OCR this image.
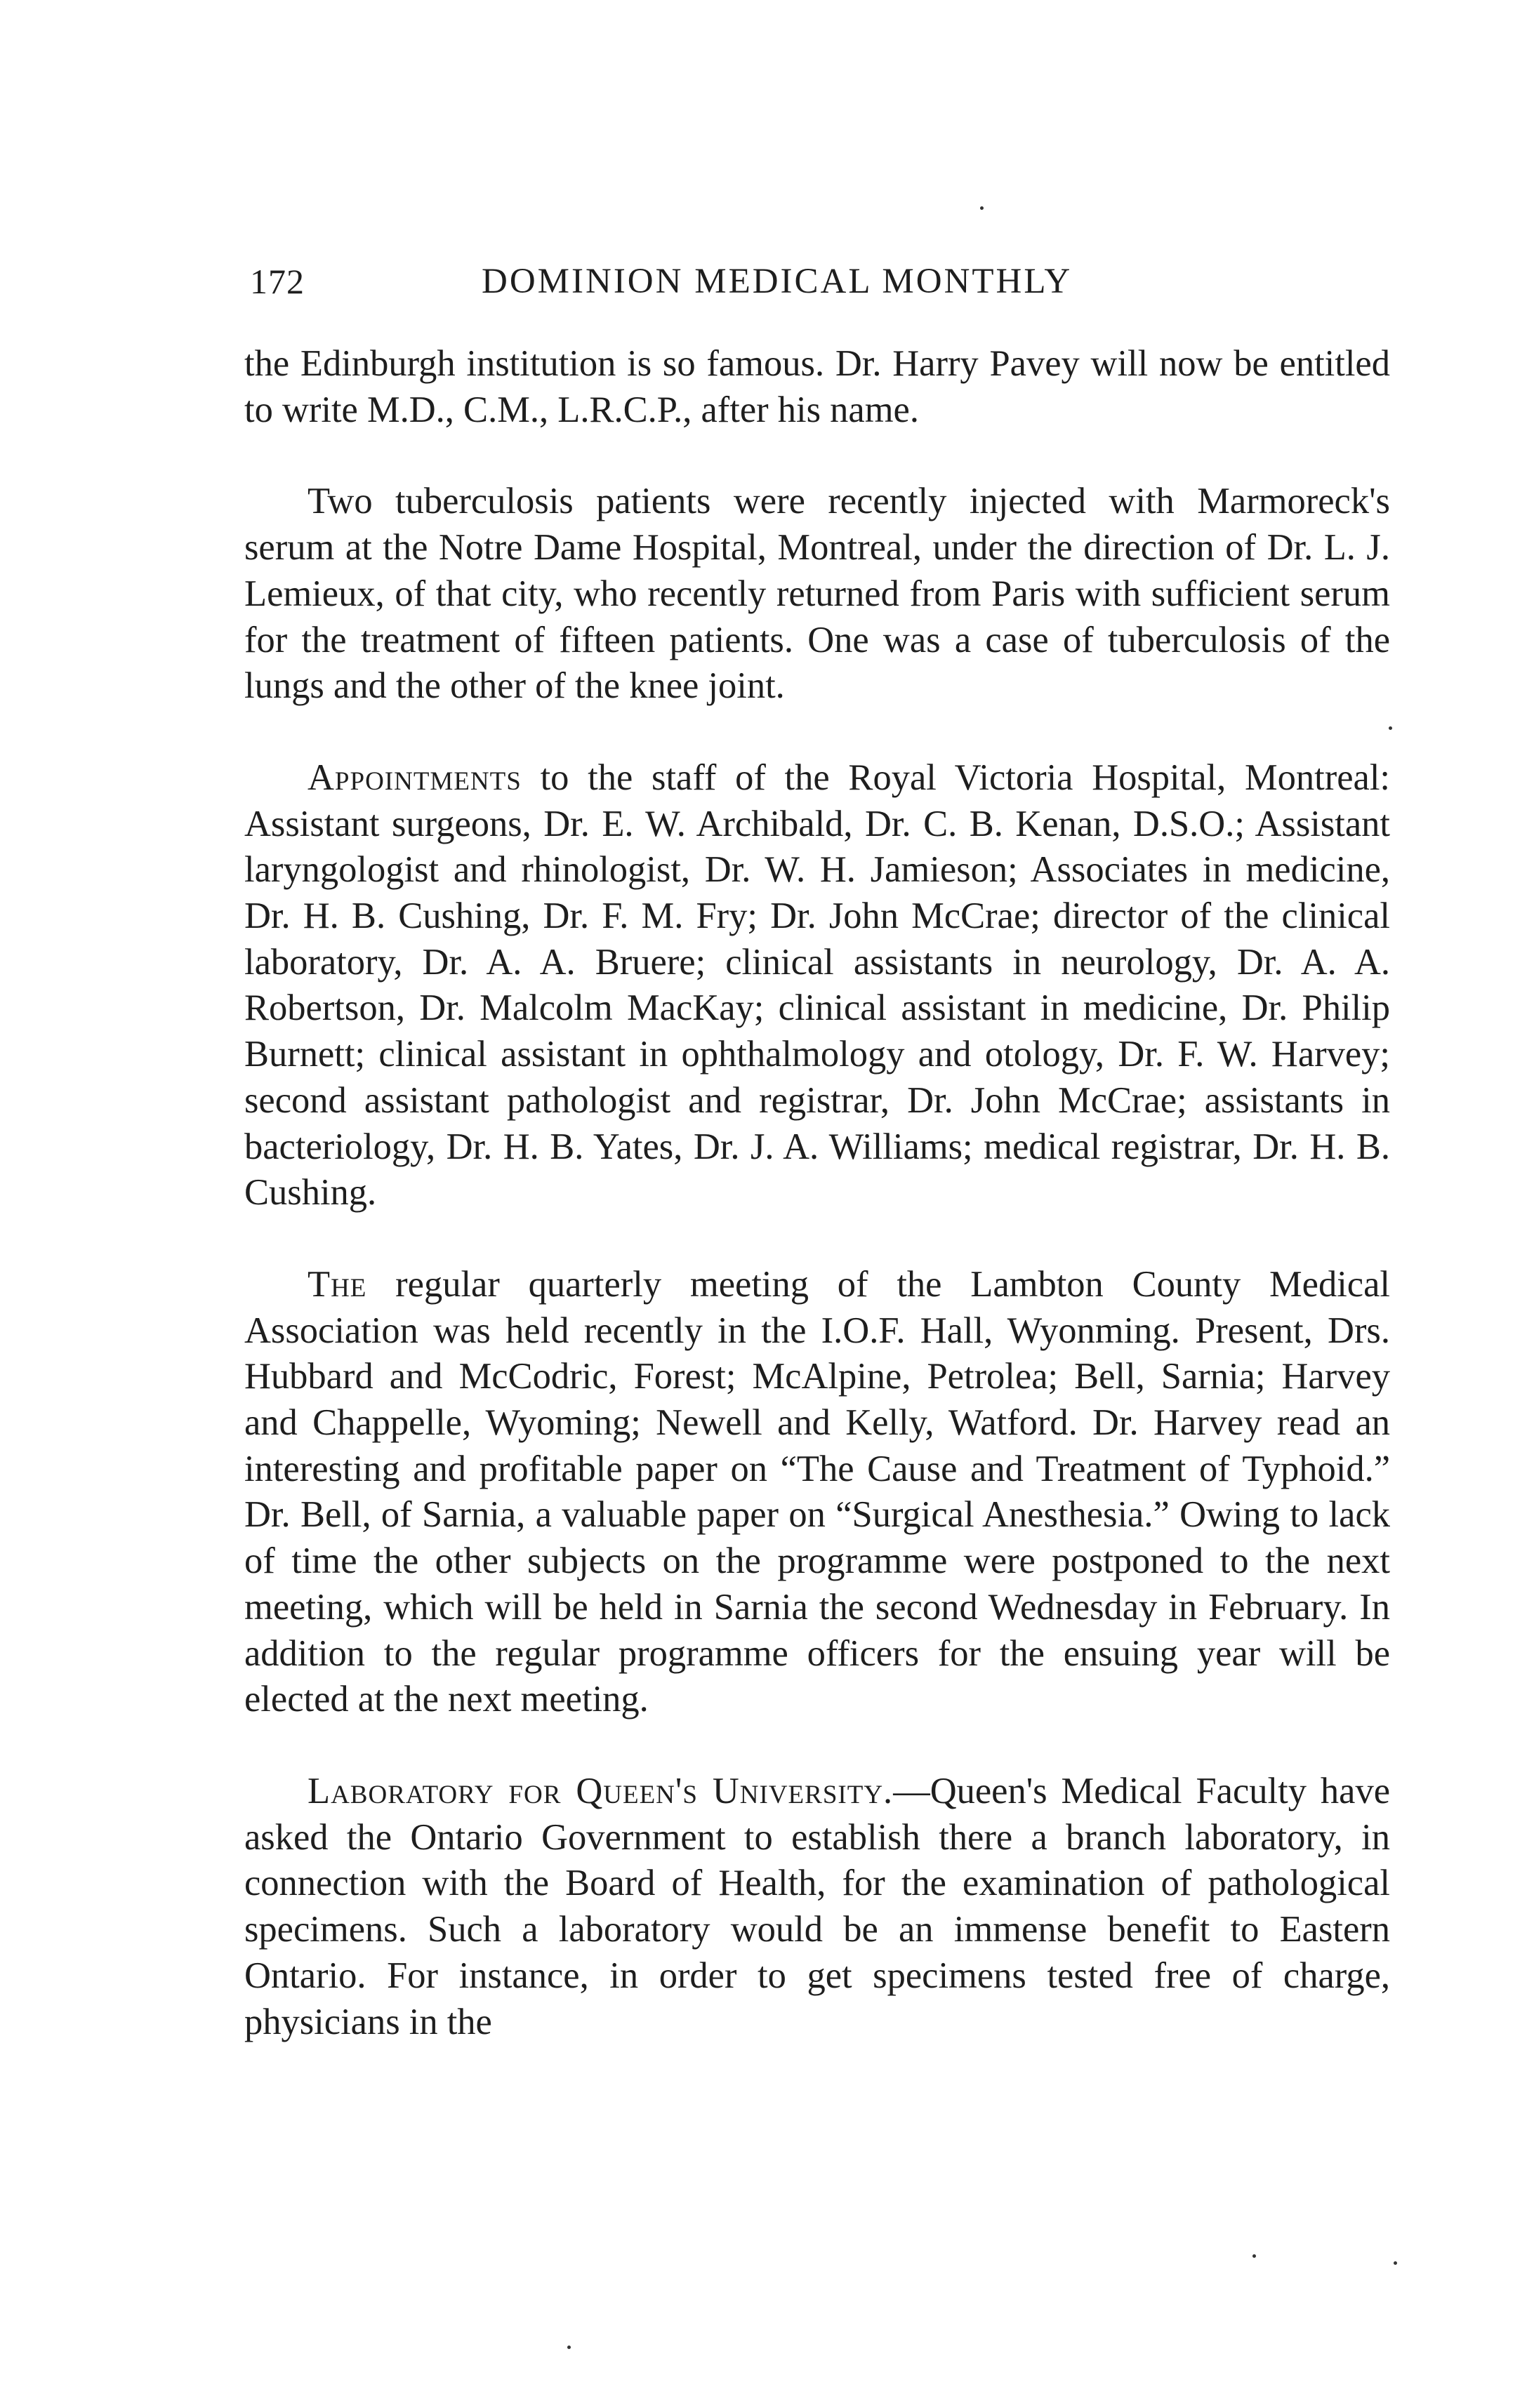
172	DOMINION MEDICAL MONTHLY

the Edinburgh institution is so famous. Dr. Harry Pavey will now be entitled to write M.D., C.M., L.R.C.P., after his name.

Two tuberculosis patients were recently injected with Marmoreck's serum at the Notre Dame Hospital, Montreal, under the direction of Dr. L. J. Lemieux, of that city, who recently returned from Paris with sufficient serum for the treatment of fifteen patients. One was a case of tuberculosis of the lungs and the other of the knee joint.

Appointments to the staff of the Royal Victoria Hospital, Montreal: Assistant surgeons, Dr. E. W. Archibald, Dr. C. B. Kenan, D.S.O.; Assistant laryngologist and rhinologist, Dr. W. H. Jamieson; Associates in medicine, Dr. H. B. Cushing, Dr. F. M. Fry; Dr. John McCrae; director of the clinical laboratory, Dr. A. A. Bruere; clinical assistants in neurology, Dr. A. A. Robertson, Dr. Malcolm MacKay; clinical assistant in medicine, Dr. Philip Burnett; clinical assistant in ophthalmology and otology, Dr. F. W. Harvey; second assistant pathologist and registrar, Dr. John McCrae; assistants in bacteriology, Dr. H. B. Yates, Dr. J. A. Williams; medical registrar, Dr. H. B. Cushing.

The regular quarterly meeting of the Lambton County Medical Association was held recently in the I.O.F. Hall, Wyonming. Present, Drs. Hubbard and McCodric, Forest; McAlpine, Petrolea; Bell, Sarnia; Harvey and Chappelle, Wyoming; Newell and Kelly, Watford. Dr. Harvey read an interesting and profitable paper on “The Cause and Treatment of Typhoid.” Dr. Bell, of Sarnia, a valuable paper on “Surgical Anesthesia.” Owing to lack of time the other subjects on the programme were postponed to the next meeting, which will be held in Sarnia the second Wednesday in February. In addition to the regular programme officers for the ensuing year will be elected at the next meeting.

Laboratory for Queen's University.—Queen's Medical Faculty have asked the Ontario Government to establish there a branch laboratory, in connection with the Board of Health, for the examination of pathological specimens. Such a laboratory would be an immense benefit to Eastern Ontario. For instance, in order to get specimens tested free of charge, physicians in the
